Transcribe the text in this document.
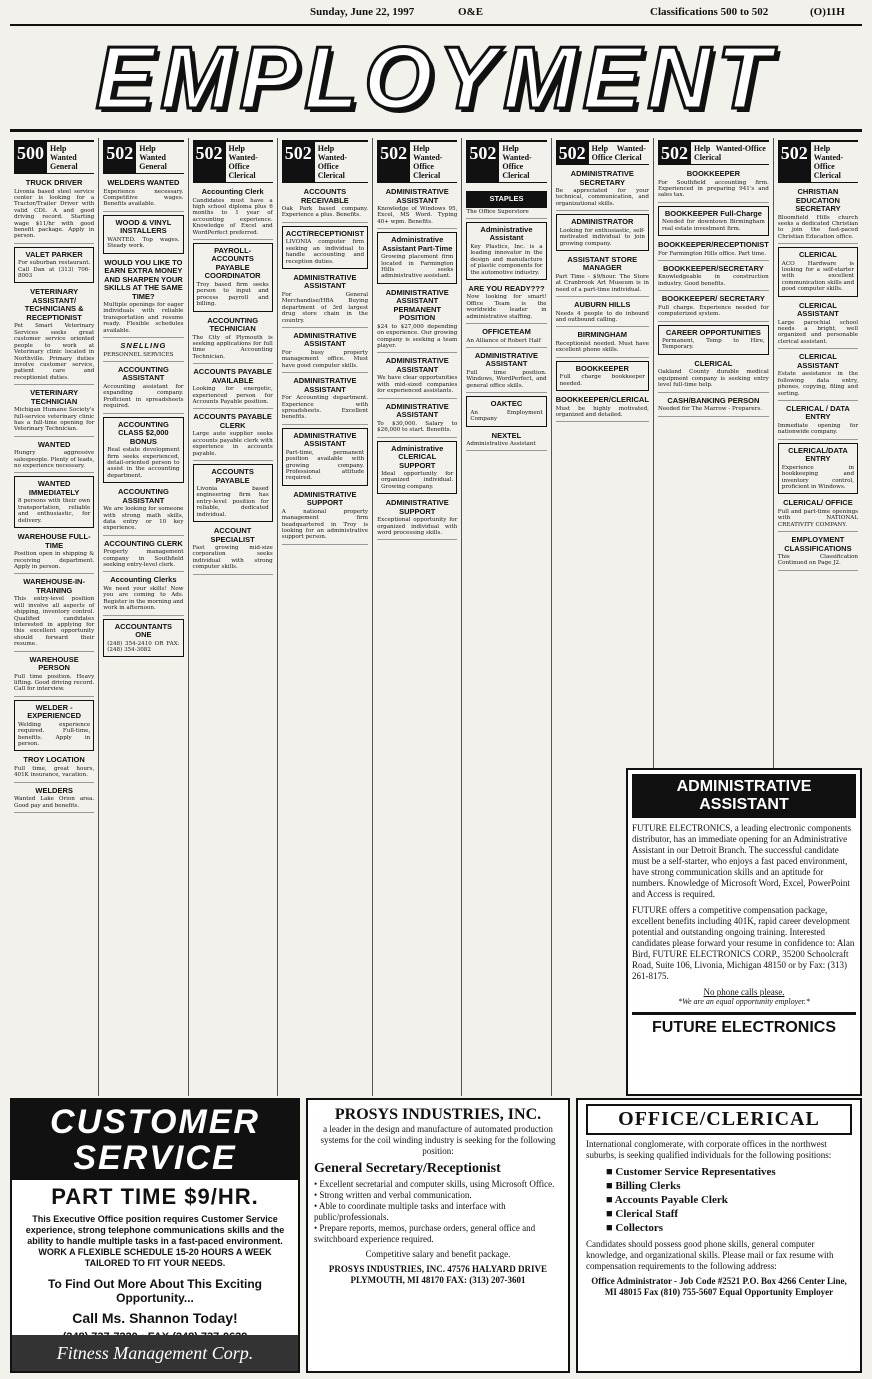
Sunday, June 22, 1997	O&E	Classifications 500 to 502	(O)11H
EMPLOYMENT
500 Help Wanted General
TRUCK DRIVER
Livonia based steel service center is looking for a Tractor/Trailer Driver with valid CDL A and good driving record. Starting wage $11/hr with good benefit package. Apply in person.
VALET PARKER
For suburban restaurant. Call Dan at (313) 706-8003
VETERINARY ASSISTANT/ TECHNICIANS & RECEPTIONIST
Pet Smart Veterinary Services seeks great customer service oriented people to work at Veterinary clinic located in Northville. Primary duties involve customer service, patient care and receptionist duties.
VETERINARY TECHNICIAN
Michigan Humane Society's full-service veterinary clinic has a full-time opening for Veterinary Technician.
WANTED
Hungry aggressive salespeople. Plenty of leads, no experience necessary.
WANTED IMMEDIATELY
8 persons with their own transportation, reliable and enthusiastic, for delivery.
WAREHOUSE FULL-TIME
Position open in shipping & receiving department. Apply in person.
WAREHOUSE-IN-TRAINING
This entry-level position will involve all aspects of shipping, inventory control. Qualified candidates interested in applying for this excellent opportunity should forward their resume.
WAREHOUSE PERSON
Full time position. Heavy lifting. Good driving record. Call for interview.
WELDER - EXPERIENCED
Welding experience required. Full-time, benefits. Apply in person.
TROY LOCATION
Full time, great hours, 401K insurance, vacation.
WELDERS
Wanted Lake Orion area. Good pay and benefits.
502 Help Wanted General
WELDERS WANTED
Experience necessary. Competitive wages. Benefits available.
WOOD & VINYL INSTALLERS
WANTED. Top wages. Steady work.
WOULD YOU LIKE TO EARN EXTRA MONEY AND SHARPEN YOUR SKILLS AT THE SAME TIME?
Multiple openings for eager individuals with reliable transportation and resume ready. Flexible schedules available.
SNELLING
PERSONNEL SERVICES
ACCOUNTING ASSISTANT
Accounting assistant for expanding company. Proficient in spreadsheets required.
ACCOUNTING CLASS $2,000 BONUS
Real estate development firm seeks experienced, detail-oriented person to assist in the accounting department.
ACCOUNTING ASSISTANT
We are looking for someone with strong math skills, data entry or 10 key experience.
ACCOUNTING CLERK
Property management company in Southfield seeking entry-level clerk.
Accounting Clerks
We need your skills! Now you are coming to Ads. Register in the morning and work in afternoon.
ACCOUNTANTS ONE
(248) 354-2410 OR FAX: (248) 354-3082
502 Help Wanted-Office Clerical
Accounting Clerk
Candidates must have a high school diploma plus 6 months to 1 year of accounting experience. Knowledge of Excel and WordPerfect preferred.
PAYROLL-ACCOUNTS PAYABLE COORDINATOR
Troy based firm seeks person to input and process payroll and billing.
ACCOUNTING TECHNICIAN
The City of Plymouth is seeking applications for full time Accounting Technician.
ACCOUNTS PAYABLE AVAILABLE
Looking for energetic, experienced person for Accounts Payable position.
ACCOUNTS PAYABLE CLERK
Large auto supplier seeks accounts payable clerk with experience in accounts payable.
ACCOUNTS PAYABLE
Livonia based engineering firm has entry-level position for reliable, dedicated individual.
ACCOUNT SPECIALIST
Fast growing mid-size corporation seeks individual with strong computer skills.
502 Help Wanted-Office Clerical
ACCOUNTS RECEIVABLE
Oak Park based company. Experience a plus. Benefits.
ACCT/RECEPTIONIST
LIVONIA computer firm seeking an individual to handle accounting and reception duties.
ADMINISTRATIVE ASSISTANT
For General Merchandise/HBA Buying department of 3rd largest drug store chain in the country.
ADMINISTRATIVE ASSISTANT
For busy property management office. Must have good computer skills.
ADMINISTRATIVE ASSISTANT
For Accounting department. Experience with spreadsheets. Excellent benefits.
ADMINISTRATIVE ASSISTANT
Part-time, permanent position available with growing company. Professional attitude required.
ADMINISTRATIVE SUPPORT
A national property management firm headquartered in Troy is looking for an administrative support person.
502 Help Wanted-Office Clerical
ADMINISTRATIVE ASSISTANT
Knowledge of Windows 95, Excel, MS Word. Typing 40+ wpm. Benefits.
Administrative Assistant Part-Time
Growing placement firm located in Farmington Hills seeks administrative assistant.
ADMINISTRATIVE ASSISTANT PERMANENT POSITION
$24 to $27,000 depending on experience. Our growing company is seeking a team player.
ADMINISTRATIVE ASSISTANT
We have clear opportunities with mid-sized companies for experienced assistants.
ADMINISTRATIVE ASSISTANT
To $30,000. Salary to $26,000 to start. Benefits.
Administrative CLERICAL SUPPORT
Ideal opportunity for organized individual. Growing company.
ADMINISTRATIVE SUPPORT
Exceptional opportunity for organized individual with word processing skills.
502 Help Wanted-Office Clerical
STAPLES
The Office Superstore
Administrative Assistant
Key Plastics, Inc. is a leading innovator in the design and manufacture of plastic components for the automotive industry.
ARE YOU READY???
Now looking for smart! Office Team is the worldwide leader in administrative staffing.
OFFICETEAM
An Alliance of Robert Half
ADMINISTRATIVE ASSISTANT
Full time position. Windows, WordPerfect, and general office skills.
OAKTEC
An Employment Company
NEXTEL
Administrative Assistant
502 Help Wanted-Office Clerical
ADMINISTRATIVE SECRETARY
Be appreciated for your technical, communication, and organizational skills.
ADMINISTRATOR
Looking for enthusiastic, self-motivated individual to join growing company.
ASSISTANT STORE MANAGER
Part Time - $9/hour. The Store at Cranbrook Art Museum is in need of a part-time individual.
AUBURN HILLS
Needs 4 people to do inbound and outbound calling.
BIRMINGHAM
Receptionist needed. Must have excellent phone skills.
BOOKKEEPER
Full charge bookkeeper needed.
BOOKKEEPER/CLERICAL
Must be highly motivated, organized and detailed.
502 Help Wanted-Office Clerical
BOOKKEEPER
For Southfield accounting firm. Experienced in preparing 941's and sales tax.
BOOKKEEPER Full-Charge
Needed for downtown Birmingham real estate investment firm.
BOOKKEEPER/RECEPTIONIST
For Farmington Hills office. Part time.
BOOKKEEPER/SECRETARY
Knowledgeable in construction industry. Good benefits.
BOOKKEEPER/ SECRETARY
Full charge. Experience needed for computerized system.
CAREER OPPORTUNITIES
Permanent, Temp to Hire, Temporary.
CLERICAL
Oakland County durable medical equipment company is seeking entry level full-time help.
CASH/BANKING PERSON
Needed for The Marrow - Preparers.
502 Help Wanted-Office Clerical
CHRISTIAN EDUCATION SECRETARY
Bloomfield Hills church seeks a dedicated Christian to join the fast-paced Christian Education office.
CLERICAL
ACO Hardware is looking for a self-starter with excellent communication skills and good computer skills.
CLERICAL ASSISTANT
Large parochial school needs a bright, well organized and personable clerical assistant.
CLERICAL ASSISTANT
Estate assistance in the following data entry, phones, copying, filing and sorting.
CLERICAL / DATA ENTRY
Immediate opening for nationwide company.
CLERICAL/DATA ENTRY
Experience in bookkeeping and inventory control, proficient in Windows.
CLERICAL/ OFFICE
Full and part-time openings with NATIONAL CREATIVITY COMPANY.
EMPLOYMENT CLASSIFICATIONS
This Classification Continued on Page J2.
CUSTOMER SERVICE
PART TIME $9/HR.
This Executive Office position requires Customer Service experience, strong telephone communications skills and the ability to handle multiple tasks in a fast-paced environment. WORK A FLEXIBLE SCHEDULE 15-20 HOURS A WEEK TAILORED TO FIT YOUR NEEDS.
To Find Out More About This Exciting Opportunity...
Call Ms. Shannon Today!
Fitness Management Corp.
PROSYS INDUSTRIES, INC.
a leader in the design and manufacture of automated production systems for the coil winding industry is seeking for the following position:
General Secretary/Receptionist
• Excellent secretarial and computer skills, using Microsoft Office.
• Strong written and verbal communication.
• Able to coordinate multiple tasks and interface with public/professionals.
• Prepare reports, memos, purchase orders, general office and switchboard experience required.
Competitive salary and benefit package.
PROSYS INDUSTRIES, INC. 47576 HALYARD DRIVE PLYMOUTH, MI 48170 FAX: (313) 207-3601
OFFICE/CLERICAL

International conglomerate, with corporate offices in the northwest suburbs, is seeking qualified individuals for the following positions:

■ Customer Service Representatives
■ Billing Clerks
■ Accounts Payable Clerk
■ Clerical Staff
■ Collectors

Candidates should possess good phone skills, general computer knowledge, and organizational skills. Please mail or fax resume with compensation requirements to the following address:

Office Administrator - Job Code #2521 P.O. Box 4266 Center Line, MI 48015 Fax (810) 755-5607 Equal Opportunity Employer
ADMINISTRATIVE ASSISTANT

FUTURE ELECTRONICS, a leading electronic components distributor, has an immediate opening for an Administrative Assistant in our Detroit Branch. The successful candidate must be a self-starter, who enjoys a fast paced environment, have strong communication skills and an aptitude for numbers. Knowledge of Microsoft Word, Excel, PowerPoint and Access is required.

FUTURE offers a competitive compensation package, excellent benefits including 401K, rapid career development potential and outstanding ongoing training. Interested candidates please forward your resume in confidence to: Alan Bird, FUTURE ELECTRONICS CORP., 35200 Schoolcraft Road, Suite 106, Livonia, Michigan 48150 or by Fax: (313) 261-8175.

No phone calls please.

*We are an equal opportunity employer.*

FUTURE ELECTRONICS
